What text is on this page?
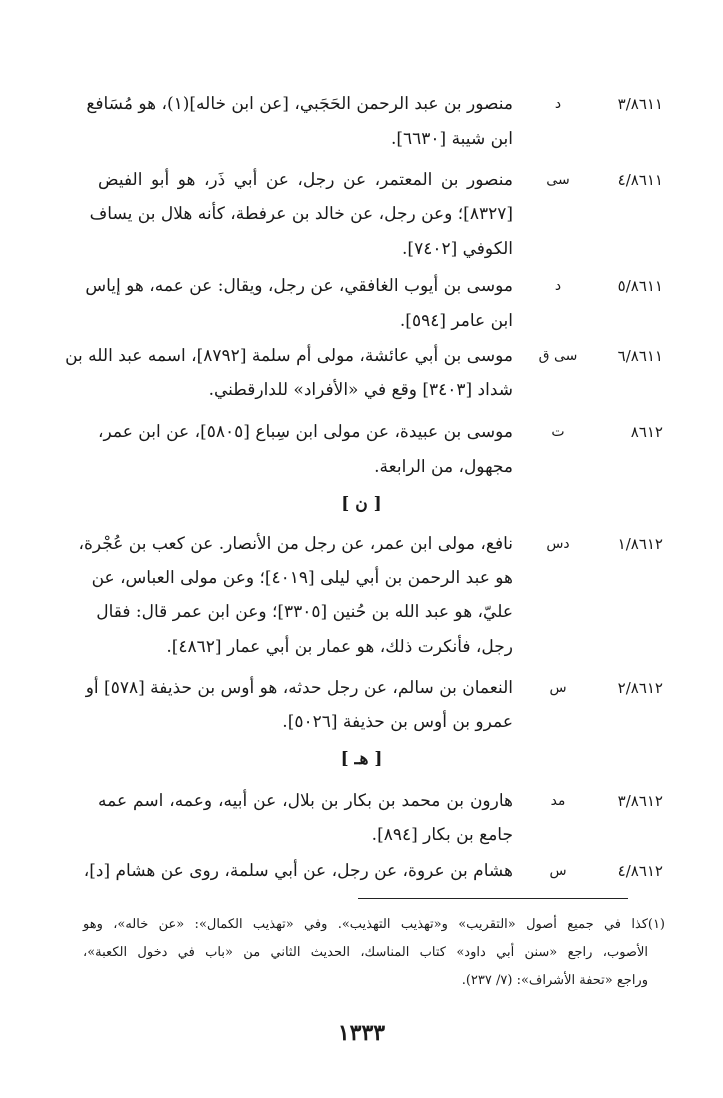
٣/٨٦١١
د
منصور بن عبد الرحمن الحَجَبي، [عن ابن خاله](١)، هو مُسَافع
ابن شيبة [٦٦٣٠].
٤/٨٦١١
سی
منصور بن المعتمر، عن رجل، عن أبي ذَر، هو أبو الفيض
[٨٣٢٧]؛ وعن رجل، عن خالد بن عرفطة، كأنه هلال بن يساف
الكوفي [٧٤٠٢].
٥/٨٦١١
د
موسى بن أيوب الغافقي، عن رجل، ويقال: عن عمه، هو إياس
ابن عامر [٥٩٤].
٦/٨٦١١
سی ق
موسى بن أبي عائشة، مولى أم سلمة [٨٧٩٢]، اسمه عبد الله بن
شداد [٣٤٠٣] وقع في «الأفراد» للدارقطني.
٨٦١٢
ت
موسى بن عبيدة، عن مولى ابن سِباع [٥٨٠٥]، عن ابن عمر،
مجهول، من الرابعة.
[ ن ]
١/٨٦١٢
دس
نافع، مولى ابن عمر، عن رجل من الأنصار. عن كعب بن عُجْرة،
هو عبد الرحمن بن أبي ليلى [٤٠١٩]؛ وعن مولى العباس، عن
عليّ، هو عبد الله بن حُنين [٣٣٠٥]؛ وعن ابن عمر قال: فقال
رجل، فأنكرت ذلك، هو عمار بن أبي عمار [٤٨٦٢].
٢/٨٦١٢
س
النعمان بن سالم، عن رجل حدثه، هو أوس بن حذيفة [٥٧٨] أو
عمرو بن أوس بن حذيفة [٥٠٢٦].
[ هـ ]
٣/٨٦١٢
مد
هارون بن محمد بن بكار بن بلال، عن أبيه، وعمه، اسم عمه
جامع بن بكار [٨٩٤].
٤/٨٦١٢
س
هشام بن عروة، عن رجل، عن أبي سلمة، روى عن هشام [د]،
(١)
كذا في جميع أصول «التقريب» و«تهذيب التهذيب». وفي «تهذيب الكمال»: «عن خاله»، وهو
الأصوب، راجع «سنن أبي داود» كتاب المناسك، الحديث الثاني من «باب في دخول الكعبة»،
وراجع «تحفة الأشراف»: (٧/ ٢٣٧).
١٣٣٣
